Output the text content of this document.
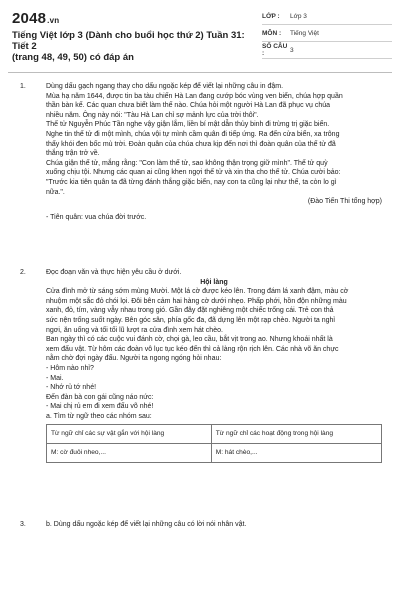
2048.vn
Tiếng Việt lớp 3 (Dành cho buổi học thứ 2) Tuần 31: Tiết 2
(trang 48, 49, 50) có đáp án
LỚP :	Lớp 3
MÔN :	Tiếng Việt
SỐ CÂU :	3
1.	Dùng dấu gạch ngang thay cho dấu ngoặc kép để viết lại những câu in đậm.
Mùa hạ năm 1644, được tin ba tàu chiến Hà Lan đang cướp bóc vùng ven biển, chúa hợp quần
thần bàn kế. Các quan chưa biết làm thế nào. Chúa hỏi một người Hà Lan đã phục vụ chúa
nhiều năm. Ông này nói: "Tàu Hà Lan chỉ sợ mảnh lực của trời thôi".
Thế tử Nguyễn Phúc Tần nghe vậy giận lắm, liền bí mật dẫn thủy binh đi trừng trị giặc biển.
Nghe tin thế tử đi một mình, chúa vội tự mình cầm quân đi tiếp ứng. Ra đến cửa biển, xa trông
thấy khói đen bốc mù trời. Đoàn quân của chúa chưa kịp đến nơi thì đoàn quân của thế tử đã
thắng trận trở về.
Chúa giận thế tử, mắng rằng: "Con làm thế tử, sao không thận trọng giữ mình". Thế tử quỳ
xuống chịu tội. Nhưng các quan ai cũng khen ngợi thế tử và xin tha cho thế tử. Chúa cười bảo:
"Trước kia tiên quân ta đã từng đánh thắng giặc biển, nay con ta cũng lại như thế, ta còn lo gì
nữa.".
(Đào Tiến Thi tổng hợp)
- Tiên quân: vua chúa đời trước.
2.	Đọc đoạn văn và thực hiện yêu cầu ở dưới.
Hội làng
Cửa đình mở từ sáng sớm mùng Mười. Một lá cờ được kéo lên. Trong đám lá xanh đậm, màu cờ
nhuộm một sắc đỏ chói lọi. Đôi bên cảm hai hàng cờ dưới nhẹo. Phấp phới, hồn độn những màu
xanh, đỏ, tím, vàng vẫy nhau trong gió. Gần đây đặt nghiêng một chiếc trống cái. Trẻ con thả
sức nện trống suốt ngày. Bên góc sân, phía gốc đa, đã dựng lên một rạp chèo. Người ta nghỉ
ngơi, ăn uống và tối tối lũ lượt ra cửa đình xem hát chèo.
Ban ngày thì có các cuộc vui đánh cờ, chọi gà, leo cầu, bắt vịt trong ao. Nhưng khoái nhất là
xem đấu vật. Từ hôm các đoàn vô lục tục kéo đến thì cả làng rộn rịch lên. Các nhà võ ăn chực
nằm chờ đợi ngày đấu. Người ta ngong ngóng hỏi nhau:
- Hôm nào nhỉ?
- Mai.
- Nhớ rủ tớ nhé!
Đến đàn bà con gái cũng náo nức:
- Mai chị rủ em đi xem đấu võ nhé!
a. Tìm từ ngữ theo các nhóm sau:
Từ ngữ chỉ các sự vật gắn với hội làng	Từ ngữ chỉ các hoạt động trong hội làng
M: cờ đuôi nheo,...	M: hát chèo,...
3.	b. Dùng dấu ngoặc kép để viết lại những câu có lời nói nhân vật.
